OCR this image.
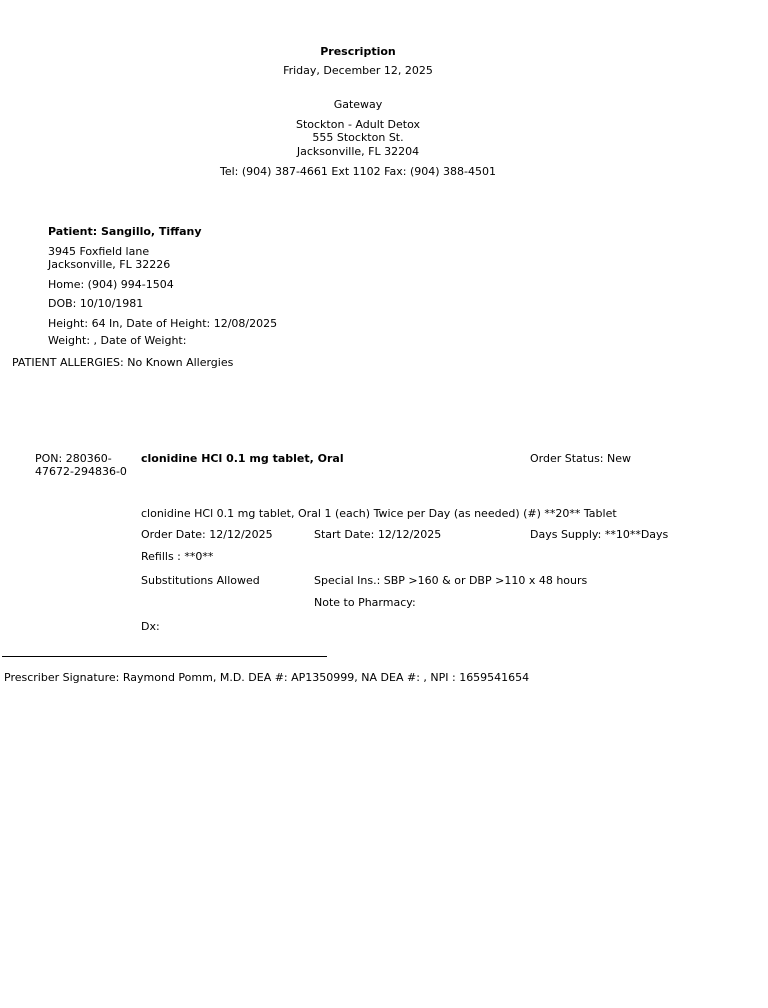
Prescription
Friday, December 12, 2025
Gateway
Stockton - Adult Detox
555 Stockton St.
Jacksonville, FL 32204
Tel: (904) 387-4661 Ext 1102 Fax: (904) 388-4501
Patient: Sangillo, Tiffany
3945 Foxfield lane
Jacksonville, FL 32226
Home: (904) 994-1504
DOB: 10/10/1981
Height: 64 In, Date of Height: 12/08/2025
Weight: , Date of Weight:
PATIENT ALLERGIES: No Known Allergies
PON: 280360-
47672-294836-0
clonidine HCl 0.1 mg tablet, Oral	Order Status: New
clonidine HCl 0.1 mg tablet, Oral 1 (each) Twice per Day (as needed) (#) **20** Tablet
Order Date: 12/12/2025	Start Date: 12/12/2025	Days Supply: **10**Days
Refills : **0**
Substitutions Allowed	Special Ins.: SBP >160 & or DBP >110 x 48 hours
Note to Pharmacy:
Dx:
Prescriber Signature: Raymond Pomm, M.D. DEA #: AP1350999, NA DEA #: , NPI : 1659541654
